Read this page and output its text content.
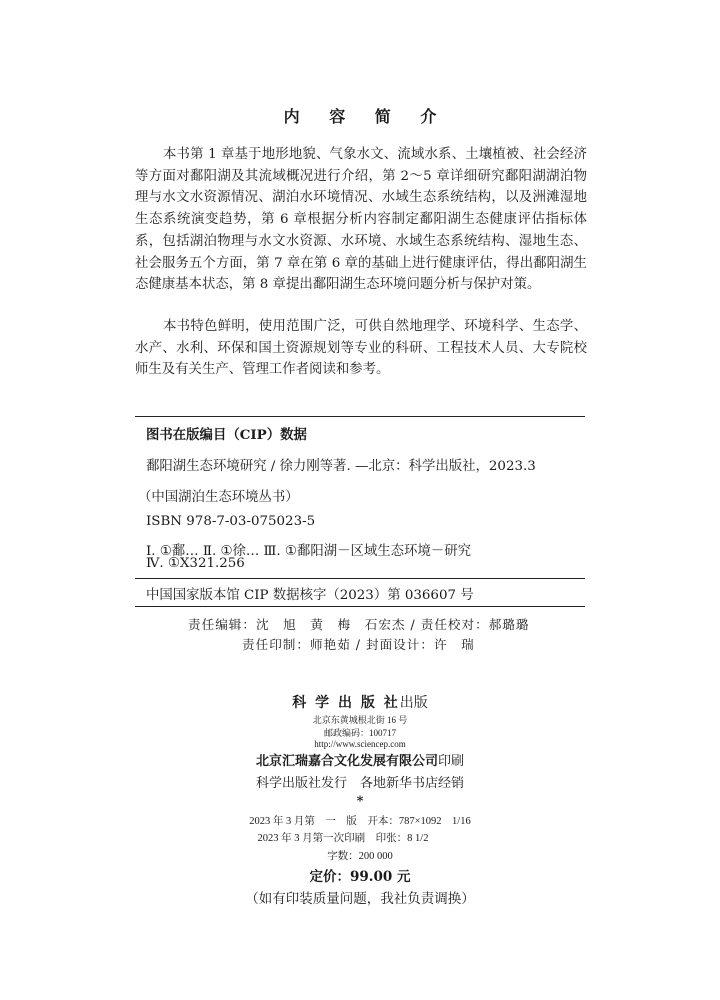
内 容 简 介

本书第 1 章基于地形地貌、气象水文、流域水系、土壤植被、社会经济等方面对鄱阳湖及其流域概况进行介绍，第 2～5 章详细研究鄱阳湖湖泊物理与水文水资源情况、湖泊水环境情况、水域生态系统结构，以及洲滩湿地生态系统演变趋势，第 6 章根据分析内容制定鄱阳湖生态健康评估指标体系，包括湖泊物理与水文水资源、水环境、水域生态系统结构、湿地生态、社会服务五个方面，第 7 章在第 6 章的基础上进行健康评估，得出鄱阳湖生态健康基本状态，第 8 章提出鄱阳湖生态环境问题分析与保护对策。

本书特色鲜明，使用范围广泛，可供自然地理学、环境科学、生态学、水产、水利、环保和国土资源规划等专业的科研、工程技术人员、大专院校师生及有关生产、管理工作者阅读和参考。

图书在版编目（CIP）数据
鄱阳湖生态环境研究 / 徐力刚等著. —北京：科学出版社，2023.3
（中国湖泊生态环境丛书）
ISBN 978-7-03-075023-5
Ⅰ. ①鄱… Ⅱ. ①徐… Ⅲ. ①鄱阳湖－区域生态环境－研究
Ⅳ. ①X321.256
中国国家版本馆 CIP 数据核字（2023）第 036607 号
责任编辑：沈　旭　黄　梅　石宏杰 / 责任校对：郝璐璐
责任印制：师艳茹 / 封面设计：许　瑞
科 学 出 版 社出版
北京东黄城根北街 16 号
邮政编码：100717
http://www.sciencep.com
北京汇瑞嘉合文化发展有限公司印刷
科学出版社发行　各地新华书店经销
*
2023 年 3 月第　一　版　开本：787×1092　1/16
2023 年 3 月第一次印刷　印张：8 1/2
字数：200 000
定价：99.00 元
（如有印装质量问题，我社负责调换）
